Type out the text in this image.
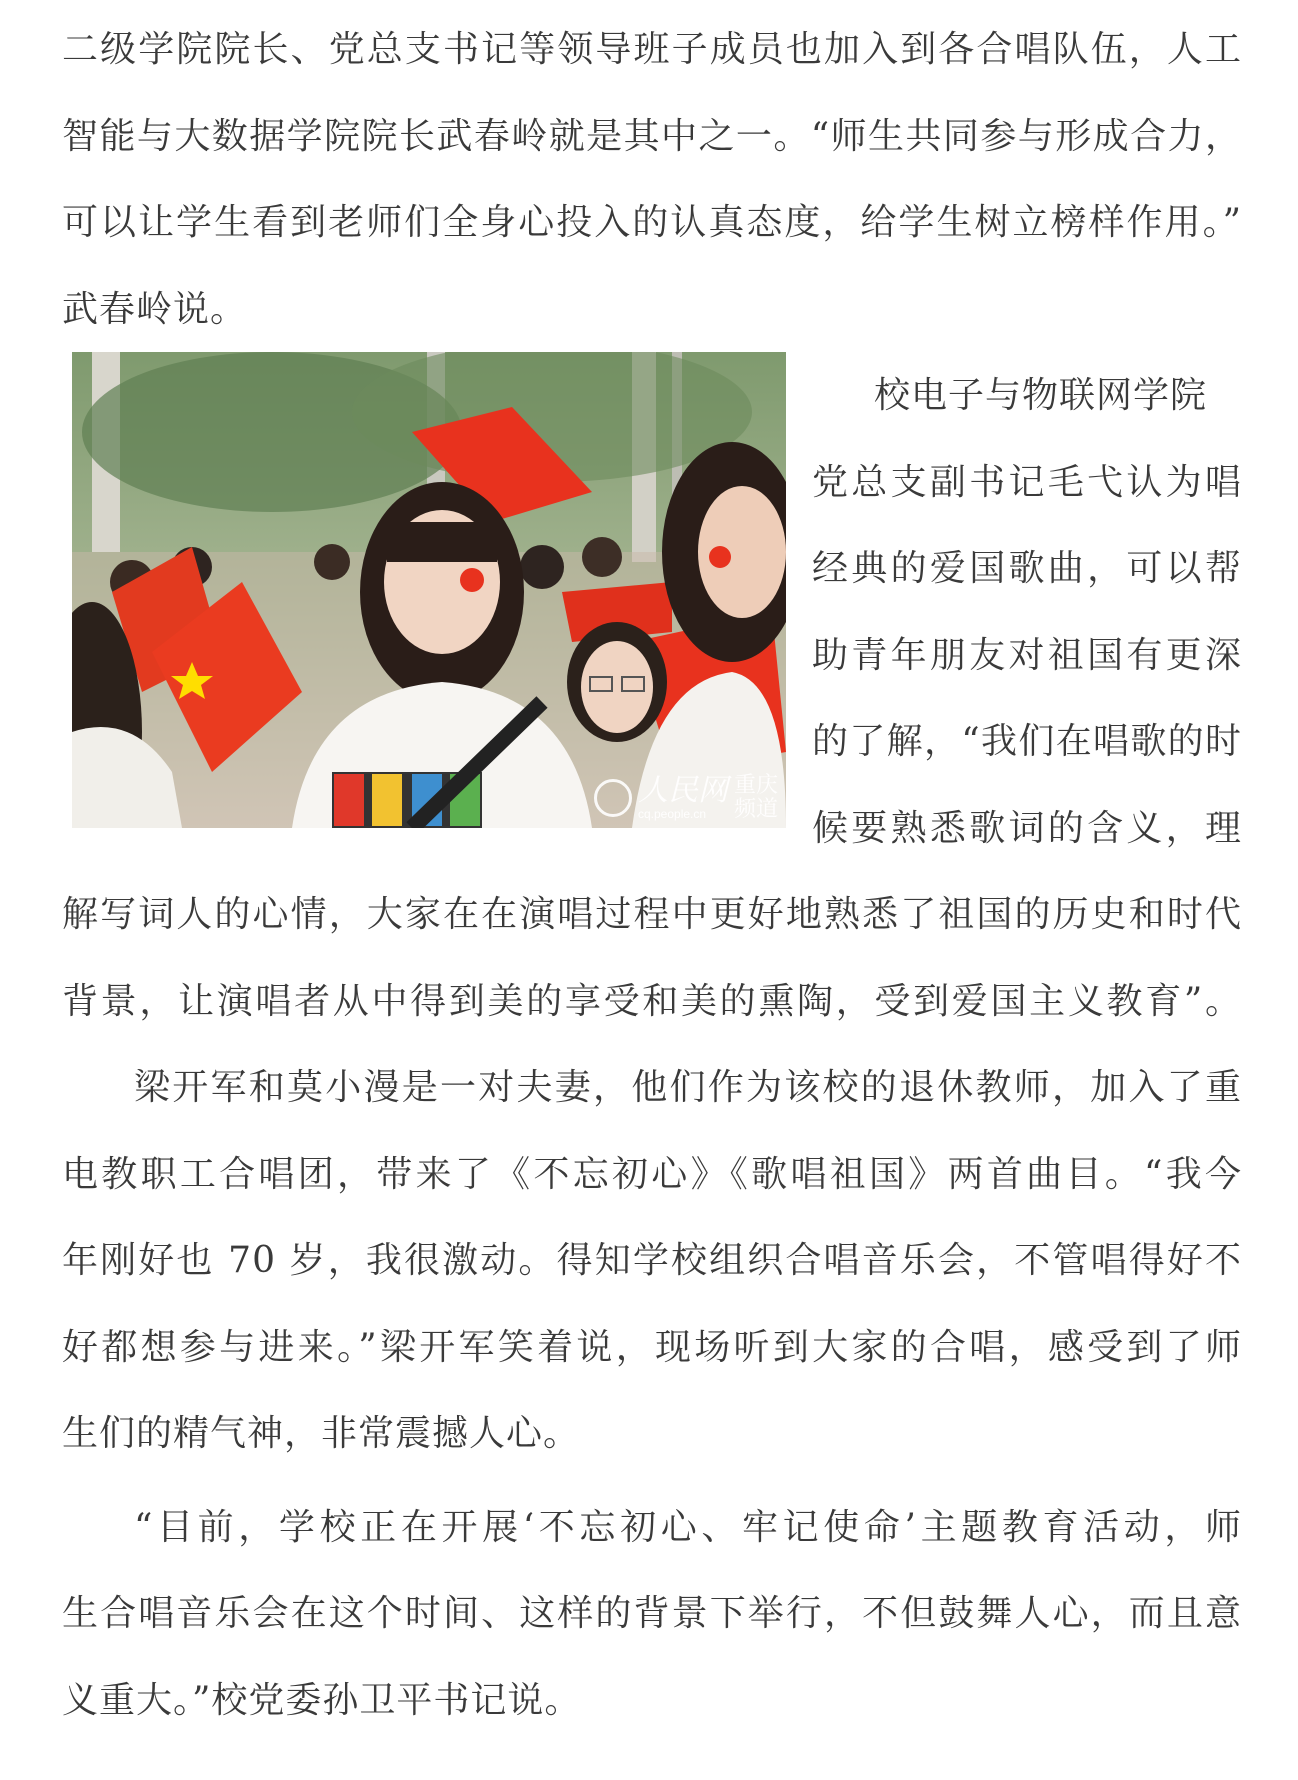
二级学院院长、党总支书记等领导班子成员也加入到各合唱队伍，人工
智能与大数据学院院长武春岭就是其中之一。“师生共同参与形成合力，
可以让学生看到老师们全身心投入的认真态度，给学生树立榜样作用。”
武春岭说。
人民网
cq.people.cn
重庆频道
校电子与物联网学院
党总支副书记毛弋认为唱
经典的爱国歌曲，可以帮
助青年朋友对祖国有更深
的了解，“我们在唱歌的时
候要熟悉歌词的含义，理
解写词人的心情，大家在在演唱过程中更好地熟悉了祖国的历史和时代
背景，让演唱者从中得到美的享受和美的熏陶，受到爱国主义教育”。
梁开军和莫小漫是一对夫妻，他们作为该校的退休教师，加入了重
电教职工合唱团，带来了《不忘初心》《歌唱祖国》两首曲目。“我今
年刚好也 70 岁，我很激动。得知学校组织合唱音乐会，不管唱得好不
好都想参与进来。”梁开军笑着说，现场听到大家的合唱，感受到了师
生们的精气神，非常震撼人心。
“目前，学校正在开展‘不忘初心、牢记使命’主题教育活动，师
生合唱音乐会在这个时间、这样的背景下举行，不但鼓舞人心，而且意
义重大。”校党委孙卫平书记说。
